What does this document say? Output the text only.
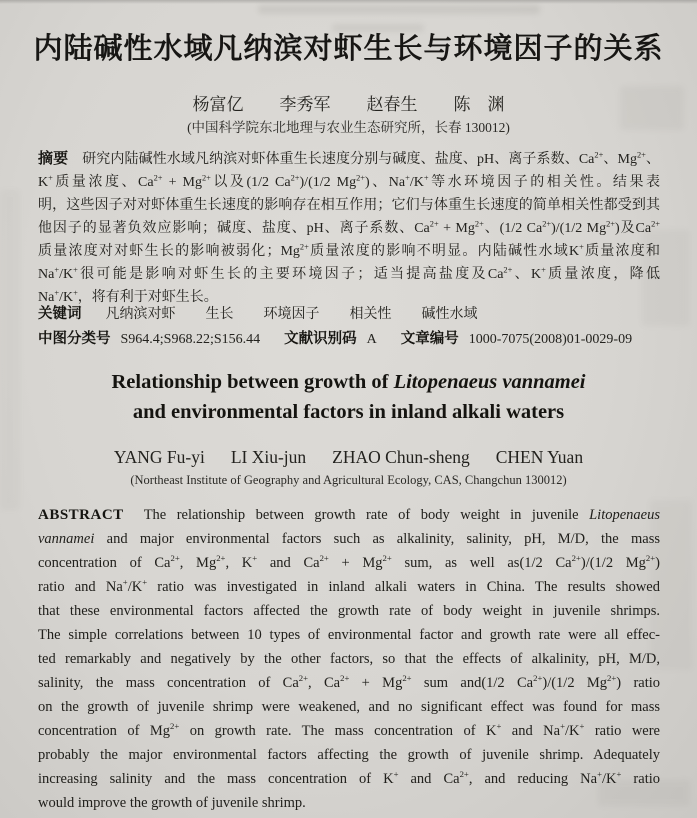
内陆碱性水域凡纳滨对虾生长与环境因子的关系
杨富亿 李秀军 赵春生 陈　渊
(中国科学院东北地理与农业生态研究所，长春 130012)
摘要 研究内陆碱性水域凡纳滨对虾体重生长速度分别与碱度、盐度、pH、离子系数、$Ca^{2+}$、$Mg^{2+}$、
K+质量浓度、$Ca^{2+} + Mg^{2+}$以及(1/2 $Ca^{2+})/(1/2$ $Mg^{2+}$)、Na+/K+等水环境因子的相关性。结果表
明，这些因子对对虾体重生长速度的影响存在相互作用；它们与体重生长速度的简单相关性都受到其
他因子的显著负效应影响；碱度、盐度、pH、离子系数、$Ca^{2+} + Mg^{2+}$、(1/2 $Ca^{2+})/(1/2$ $Mg^{2+}$)及$Ca^{2+}$
质量浓度对对虾生长的影响被弱化；$Mg^{2+}$质量浓度的影响不明显。内陆碱性水域K+质量浓度和
Na+/K+很可能是影响对虾生长的主要环境因子；适当提高盐度及$Ca^{2+}$、K+质量浓度，降低
Na+/K+，将有利于对虾生长。
关键词 凡纳滨对虾 生长 环境因子 相关性 碱性水域
中图分类号 S964.4;S968.22;S156.44 文献识别码 A 文章编号 1000-7075(2008)01-0029-09
Relationship between growth of Litopenaeus vannamei
and environmental factors in inland alkali waters
YANG Fu-yi LI Xiu-jun ZHAO Chun-sheng CHEN Yuan
(Northeast Institute of Geography and Agricultural Ecology, CAS, Changchun 130012)
ABSTRACT The relationship between growth rate of body weight in juvenile Litopenaeus
vannamei and major environmental factors such as alkalinity, salinity, pH, M/D, the mass
concentration of $Ca^{2+}$, $Mg^{2+}$, K+ and $Ca^{2+} + Mg^{2+}$ sum, as well as(1/2 $Ca^{2+})/(1/2$ $Mg^{2+}$)
ratio and Na+/K+ ratio was investigated in inland alkali waters in China. The results showed
that these environmental factors affected the growth rate of body weight in juvenile shrimps.
The simple correlations between 10 types of environmental factor and growth rate were all effec-
ted remarkably and negatively by the other factors, so that the effects of alkalinity, pH, M/D,
salinity, the mass concentration of $Ca^{2+}$, $Ca^{2+} + Mg^{2+}$ sum and(1/2 $Ca^{2+})/(1/2$ $Mg^{2+}$) ratio
on the growth of juvenile shrimp were weakened, and no significant effect was found for mass
concentration of $Mg^{2+}$ on growth rate. The mass concentration of K+ and Na+/K+ ratio were
probably the major environmental factors affecting the growth of juvenile shrimp. Adequately
increasing salinity and the mass concentration of K+ and $Ca^{2+}$, and reducing Na+/K+ ratio
would improve the growth of juvenile shrimp.
